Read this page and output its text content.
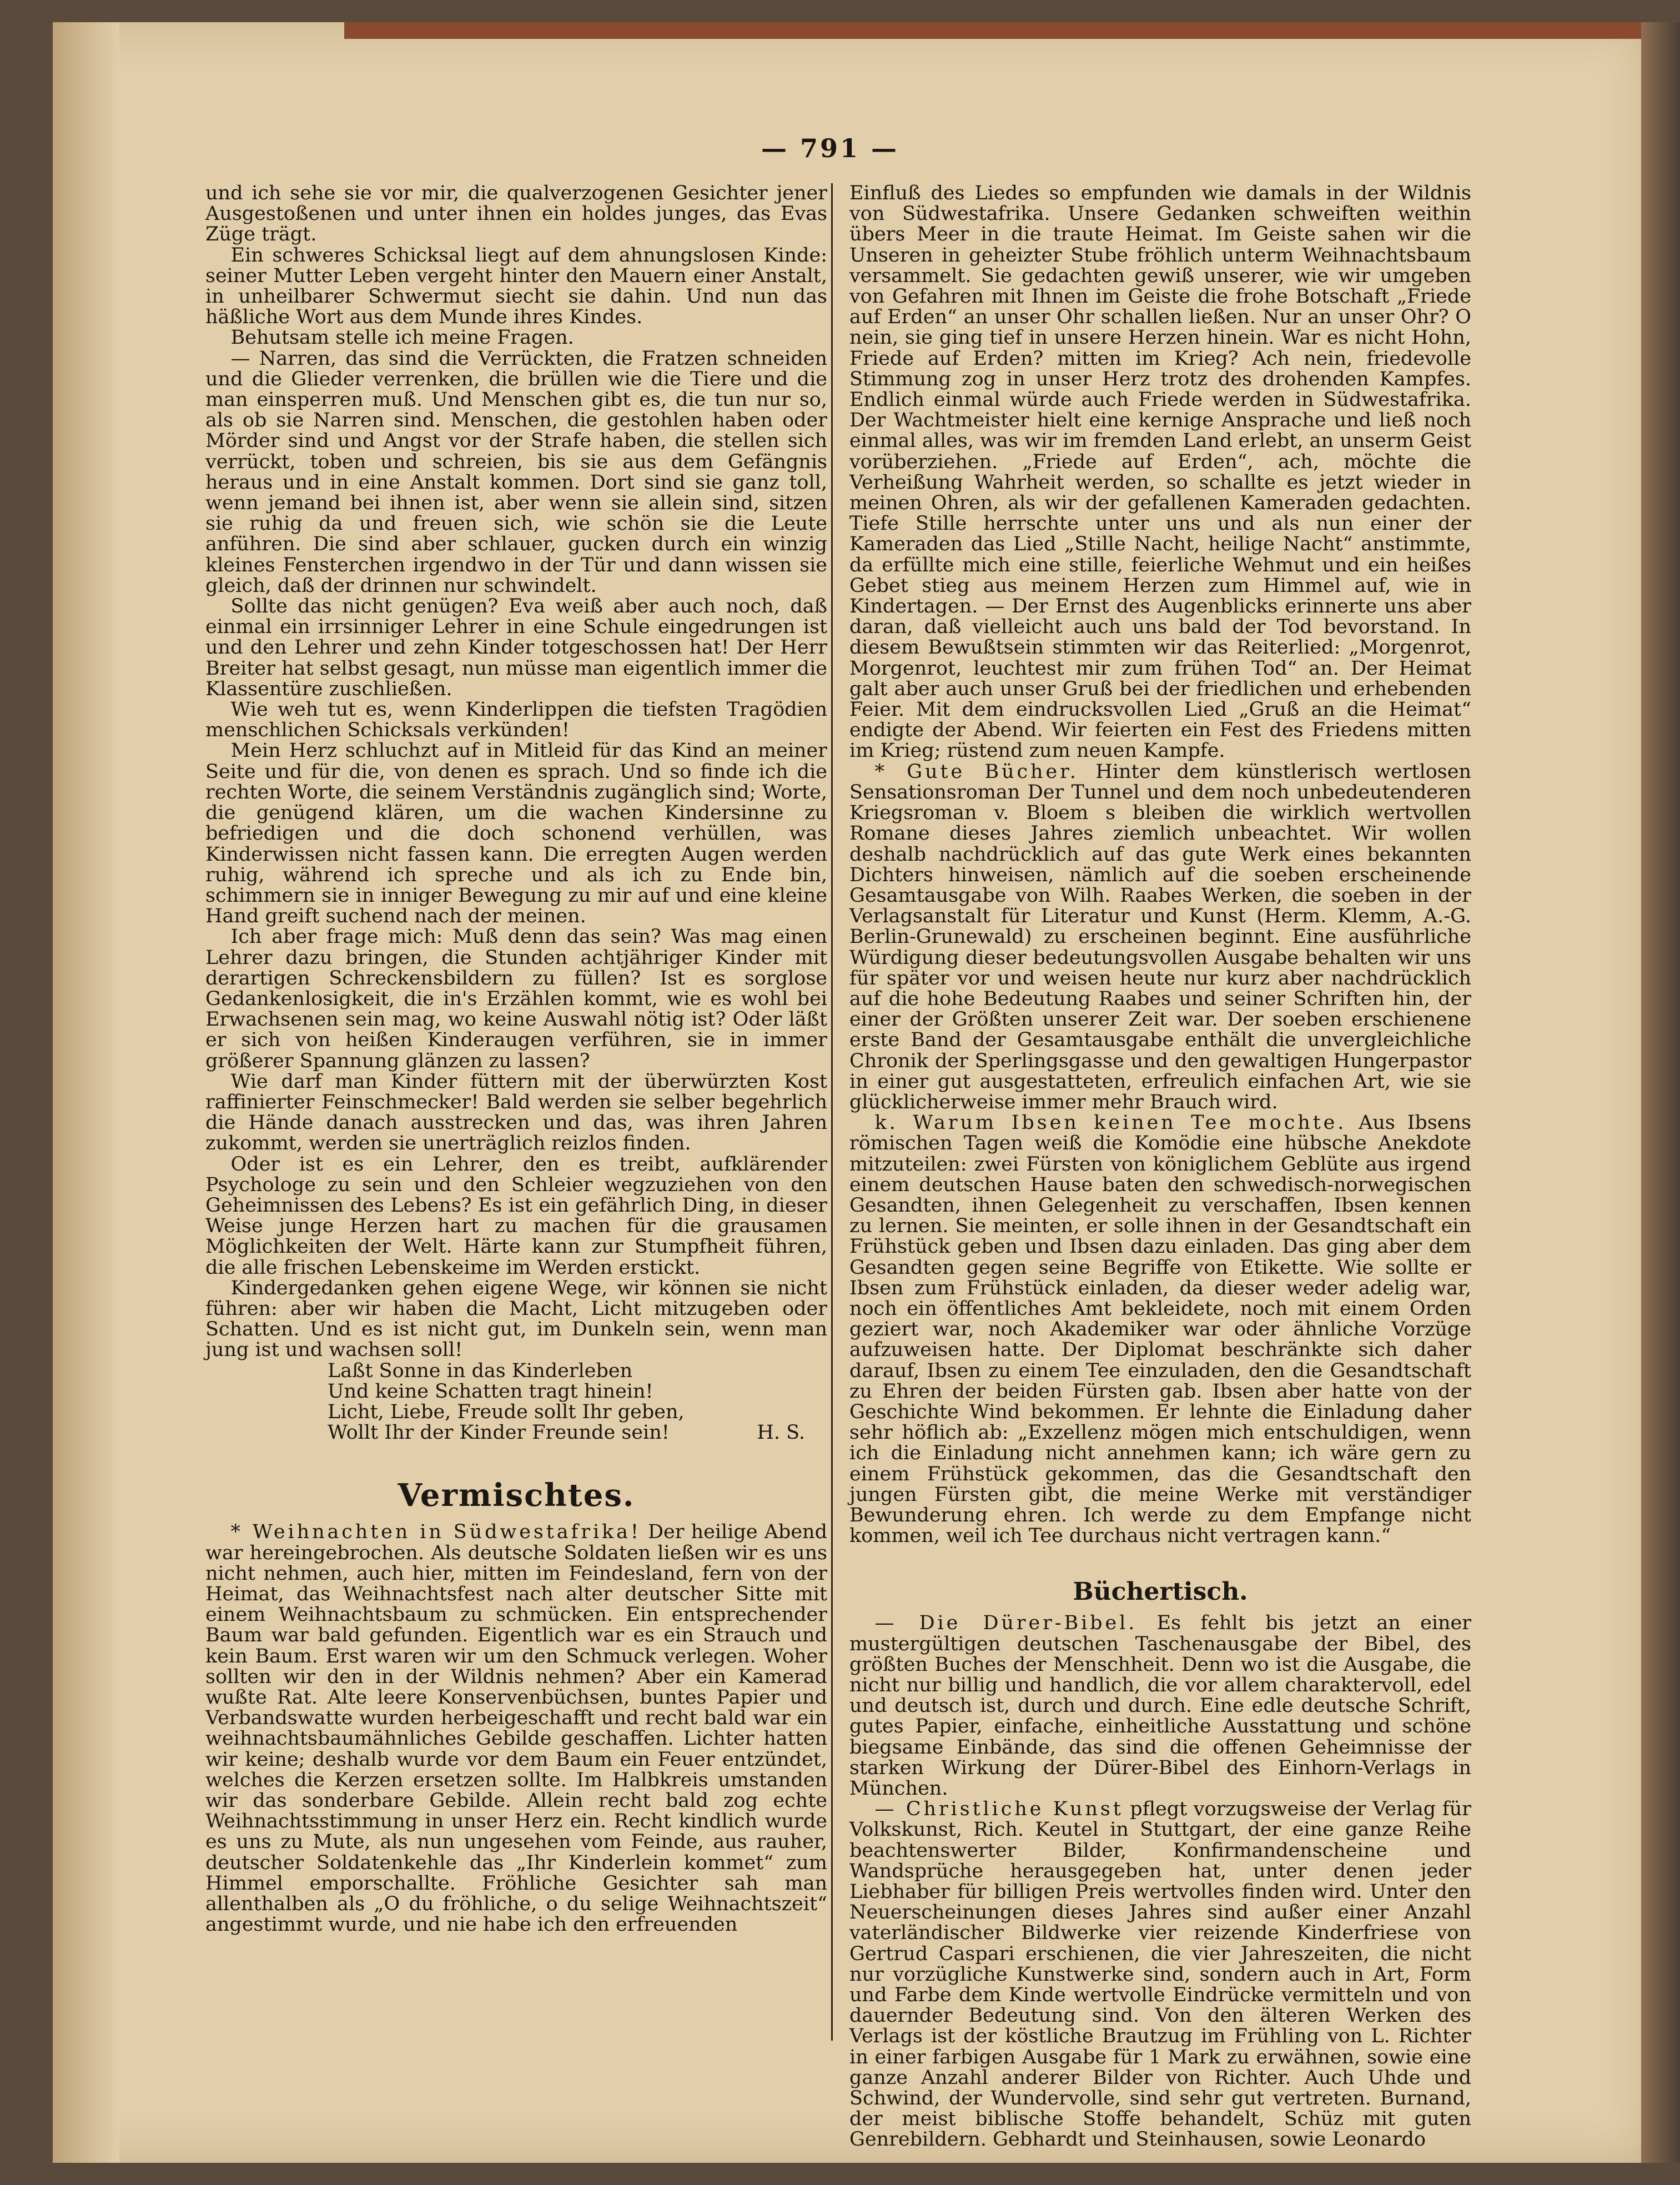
— 791 —

und ich sehe sie vor mir, die qualverzogenen Gesichter jener Ausgestoßenen und unter ihnen ein holdes junges, das Evas Züge trägt.

Ein schweres Schicksal liegt auf dem ahnungslosen Kinde: seiner Mutter Leben vergeht hinter den Mauern einer Anstalt, in unheilbarer Schwermut siecht sie dahin. Und nun das häßliche Wort aus dem Munde ihres Kindes.

Behutsam stelle ich meine Fragen.

— Narren, das sind die Verrückten, die Fratzen schneiden und die Glieder verrenken, die brüllen wie die Tiere und die man einsperren muß. Und Menschen gibt es, die tun nur so, als ob sie Narren sind. Menschen, die gestohlen haben oder Mörder sind und Angst vor der Strafe haben, die stellen sich verrückt, toben und schreien, bis sie aus dem Gefängnis heraus und in eine Anstalt kommen. Dort sind sie ganz toll, wenn jemand bei ihnen ist, aber wenn sie allein sind, sitzen sie ruhig da und freuen sich, wie schön sie die Leute anführen. Die sind aber schlauer, gucken durch ein winzig kleines Fensterchen irgendwo in der Tür und dann wissen sie gleich, daß der drinnen nur schwindelt.

Sollte das nicht genügen? Eva weiß aber auch noch, daß einmal ein irrsinniger Lehrer in eine Schule eingedrungen ist und den Lehrer und zehn Kinder totgeschossen hat! Der Herr Breiter hat selbst gesagt, nun müsse man eigentlich immer die Klassentüre zuschließen.

Wie weh tut es, wenn Kinderlippen die tiefsten Tragödien menschlichen Schicksals verkünden!

Mein Herz schluchzt auf in Mitleid für das Kind an meiner Seite und für die, von denen es sprach. Und so finde ich die rechten Worte, die seinem Verständnis zugänglich sind; Worte, die genügend klären, um die wachen Kindersinne zu befriedigen und die doch schonend verhüllen, was Kinderwissen nicht fassen kann. Die erregten Augen werden ruhig, während ich spreche und als ich zu Ende bin, schimmern sie in inniger Bewegung zu mir auf und eine kleine Hand greift suchend nach der meinen.

Ich aber frage mich: Muß denn das sein? Was mag einen Lehrer dazu bringen, die Stunden achtjähriger Kinder mit derartigen Schreckensbildern zu füllen? Ist es sorglose Gedankenlosigkeit, die in's Erzählen kommt, wie es wohl bei Erwachsenen sein mag, wo keine Auswahl nötig ist? Oder läßt er sich von heißen Kinderaugen verführen, sie in immer größerer Spannung glänzen zu lassen?

Wie darf man Kinder füttern mit der überwürzten Kost raffinierter Feinschmecker! Bald werden sie selber begehrlich die Hände danach ausstrecken und das, was ihren Jahren zukommt, werden sie unerträglich reizlos finden.

Oder ist es ein Lehrer, den es treibt, aufklärender Psychologe zu sein und den Schleier wegzuziehen von den Geheimnissen des Lebens? Es ist ein gefährlich Ding, in dieser Weise junge Herzen hart zu machen für die grausamen Möglichkeiten der Welt. Härte kann zur Stumpfheit führen, die alle frischen Lebenskeime im Werden erstickt.

Kindergedanken gehen eigene Wege, wir können sie nicht führen: aber wir haben die Macht, Licht mitzugeben oder Schatten. Und es ist nicht gut, im Dunkeln sein, wenn man jung ist und wachsen soll!

Laßt Sonne in das Kinderleben
Und keine Schatten tragt hinein!
Licht, Liebe, Freude sollt Ihr geben,
Wollt Ihr der Kinder Freunde sein!	H. S.
Vermischtes.

* Weihnachten in Südwestafrika! Der heilige Abend war hereingebrochen. Als deutsche Soldaten ließen wir es uns nicht nehmen, auch hier, mitten im Feindesland, fern von der Heimat, das Weihnachtsfest nach alter deutscher Sitte mit einem Weihnachtsbaum zu schmücken. Ein entsprechender Baum war bald gefunden. Eigentlich war es ein Strauch und kein Baum. Erst waren wir um den Schmuck verlegen. Woher sollten wir den in der Wildnis nehmen? Aber ein Kamerad wußte Rat. Alte leere Konservenbüchsen, buntes Papier und Verbandswatte wurden herbeigeschafft und recht bald war ein weihnachtsbaumähnliches Gebilde geschaffen. Lichter hatten wir keine; deshalb wurde vor dem Baum ein Feuer entzündet, welches die Kerzen ersetzen sollte. Im Halbkreis umstanden wir das sonderbare Gebilde. Allein recht bald zog echte Weihnachtsstimmung in unser Herz ein. Recht kindlich wurde es uns zu Mute, als nun ungesehen vom Feinde, aus rauher, deutscher Soldatenkehle das „Ihr Kinderlein kommet“ zum Himmel emporschallte. Fröhliche Gesichter sah man allenthalben als „O du fröhliche, o du selige Weihnachtszeit“ angestimmt wurde, und nie habe ich den erfreuenden

Einfluß des Liedes so empfunden wie damals in der Wildnis von Südwestafrika. Unsere Gedanken schweiften weithin übers Meer in die traute Heimat. Im Geiste sahen wir die Unseren in geheizter Stube fröhlich unterm Weihnachtsbaum versammelt. Sie gedachten gewiß unserer, wie wir umgeben von Gefahren mit Ihnen im Geiste die frohe Botschaft „Friede auf Erden“ an unser Ohr schallen ließen. Nur an unser Ohr? O nein, sie ging tief in unsere Herzen hinein. War es nicht Hohn, Friede auf Erden? mitten im Krieg? Ach nein, friedevolle Stimmung zog in unser Herz trotz des drohenden Kampfes. Endlich einmal würde auch Friede werden in Südwestafrika. Der Wachtmeister hielt eine kernige Ansprache und ließ noch einmal alles, was wir im fremden Land erlebt, an unserm Geist vorüberziehen. „Friede auf Erden“, ach, möchte die Verheißung Wahrheit werden, so schallte es jetzt wieder in meinen Ohren, als wir der gefallenen Kameraden gedachten. Tiefe Stille herrschte unter uns und als nun einer der Kameraden das Lied „Stille Nacht, heilige Nacht“ anstimmte, da erfüllte mich eine stille, feierliche Wehmut und ein heißes Gebet stieg aus meinem Herzen zum Himmel auf, wie in Kindertagen. — Der Ernst des Augenblicks erinnerte uns aber daran, daß vielleicht auch uns bald der Tod bevorstand. In diesem Bewußtsein stimmten wir das Reiterlied: „Morgenrot, Morgenrot, leuchtest mir zum frühen Tod“ an. Der Heimat galt aber auch unser Gruß bei der friedlichen und erhebenden Feier. Mit dem eindrucksvollen Lied „Gruß an die Heimat“ endigte der Abend. Wir feierten ein Fest des Friedens mitten im Krieg; rüstend zum neuen Kampfe.

* Gute Bücher. Hinter dem künstlerisch wertlosen Sensationsroman Der Tunnel und dem noch unbedeutenderen Kriegsroman v. Bloem s bleiben die wirklich wertvollen Romane dieses Jahres ziemlich unbeachtet. Wir wollen deshalb nachdrücklich auf das gute Werk eines bekannten Dichters hinweisen, nämlich auf die soeben erscheinende Gesamtausgabe von Wilh. Raabes Werken, die soeben in der Verlagsanstalt für Literatur und Kunst (Herm. Klemm, A.-G. Berlin-Grunewald) zu erscheinen beginnt. Eine ausführliche Würdigung dieser bedeutungsvollen Ausgabe behalten wir uns für später vor und weisen heute nur kurz aber nachdrücklich auf die hohe Bedeutung Raabes und seiner Schriften hin, der einer der Größten unserer Zeit war. Der soeben erschienene erste Band der Gesamtausgabe enthält die unvergleichliche Chronik der Sperlingsgasse und den gewaltigen Hungerpastor in einer gut ausgestatteten, erfreulich einfachen Art, wie sie glücklicherweise immer mehr Brauch wird.

k. Warum Ibsen keinen Tee mochte. Aus Ibsens römischen Tagen weiß die Komödie eine hübsche Anekdote mitzuteilen: zwei Fürsten von königlichem Geblüte aus irgend einem deutschen Hause baten den schwedisch-norwegischen Gesandten, ihnen Gelegenheit zu verschaffen, Ibsen kennen zu lernen. Sie meinten, er solle ihnen in der Gesandtschaft ein Frühstück geben und Ibsen dazu einladen. Das ging aber dem Gesandten gegen seine Begriffe von Etikette. Wie sollte er Ibsen zum Frühstück einladen, da dieser weder adelig war, noch ein öffentliches Amt bekleidete, noch mit einem Orden geziert war, noch Akademiker war oder ähnliche Vorzüge aufzuweisen hatte. Der Diplomat beschränkte sich daher darauf, Ibsen zu einem Tee einzuladen, den die Gesandtschaft zu Ehren der beiden Fürsten gab. Ibsen aber hatte von der Geschichte Wind bekommen. Er lehnte die Einladung daher sehr höflich ab: „Exzellenz mögen mich entschuldigen, wenn ich die Einladung nicht annehmen kann; ich wäre gern zu einem Frühstück gekommen, das die Gesandtschaft den jungen Fürsten gibt, die meine Werke mit verständiger Bewunderung ehren. Ich werde zu dem Empfange nicht kommen, weil ich Tee durchaus nicht vertragen kann.“

Büchertisch.

— Die Dürer-Bibel. Es fehlt bis jetzt an einer mustergültigen deutschen Taschenausgabe der Bibel, des größten Buches der Menschheit. Denn wo ist die Ausgabe, die nicht nur billig und handlich, die vor allem charaktervoll, edel und deutsch ist, durch und durch. Eine edle deutsche Schrift, gutes Papier, einfache, einheitliche Ausstattung und schöne biegsame Einbände, das sind die offenen Geheimnisse der starken Wirkung der Dürer-Bibel des Einhorn-Verlags in München.

— Christliche Kunst pflegt vorzugsweise der Verlag für Volkskunst, Rich. Keutel in Stuttgart, der eine ganze Reihe beachtenswerter Bilder, Konfirmandenscheine und Wandsprüche herausgegeben hat, unter denen jeder Liebhaber für billigen Preis wertvolles finden wird. Unter den Neuerscheinungen dieses Jahres sind außer einer Anzahl vaterländischer Bildwerke vier reizende Kinderfriese von Gertrud Caspari erschienen, die vier Jahreszeiten, die nicht nur vorzügliche Kunstwerke sind, sondern auch in Art, Form und Farbe dem Kinde wertvolle Eindrücke vermitteln und von dauernder Bedeutung sind. Von den älteren Werken des Verlags ist der köstliche Brautzug im Frühling von L. Richter in einer farbigen Ausgabe für 1 Mark zu erwähnen, sowie eine ganze Anzahl anderer Bilder von Richter. Auch Uhde und Schwind, der Wundervolle, sind sehr gut vertreten. Burnand, der meist biblische Stoffe behandelt, Schüz mit guten Genrebildern. Gebhardt und Steinhausen, sowie Leonardo
